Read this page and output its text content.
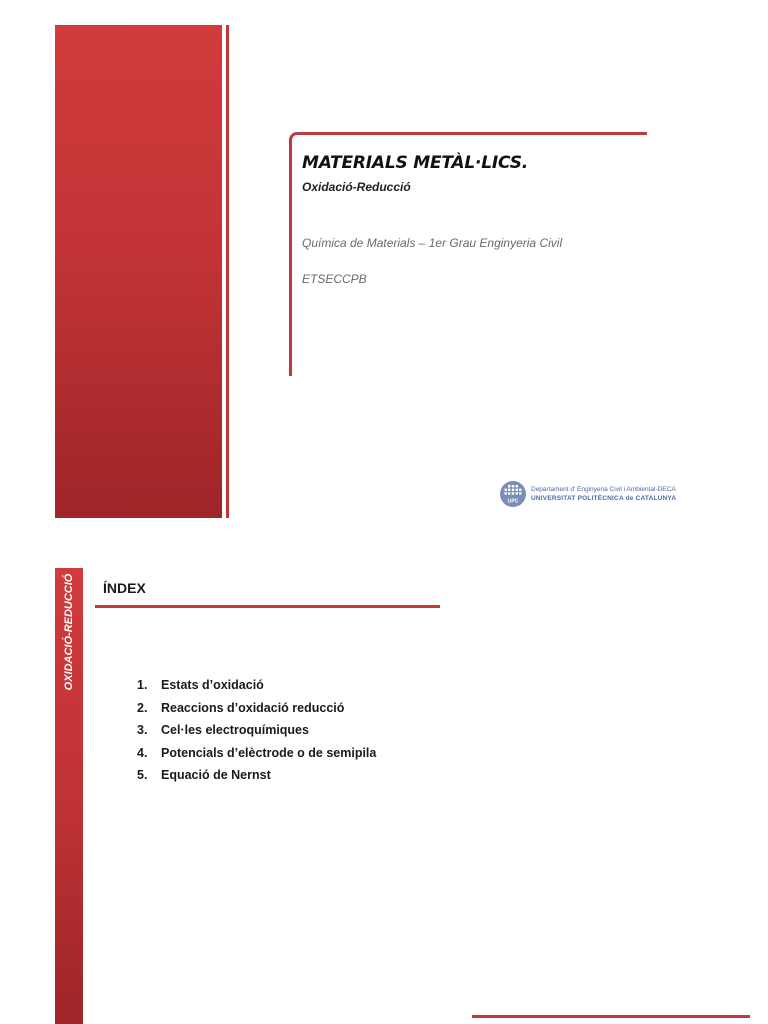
MATERIALS METÀL·LICS.
Oxidació-Reducció
Química de Materials – 1er Grau Enginyeria Civil
ETSECCPB
UPC
Departament d' Enginyeria Civil i Ambiental-DECA
UNIVERSITAT POLITÈCNICA de CATALUNYA
OXIDACIÓ-REDUCCIÓ ÍNDEX
1. Estats d’oxidació
2. Reaccions d’oxidació reducció
3. Cel·les electroquímiques
4. Potencials d’elèctrode o de semipila
5. Equació de Nernst
